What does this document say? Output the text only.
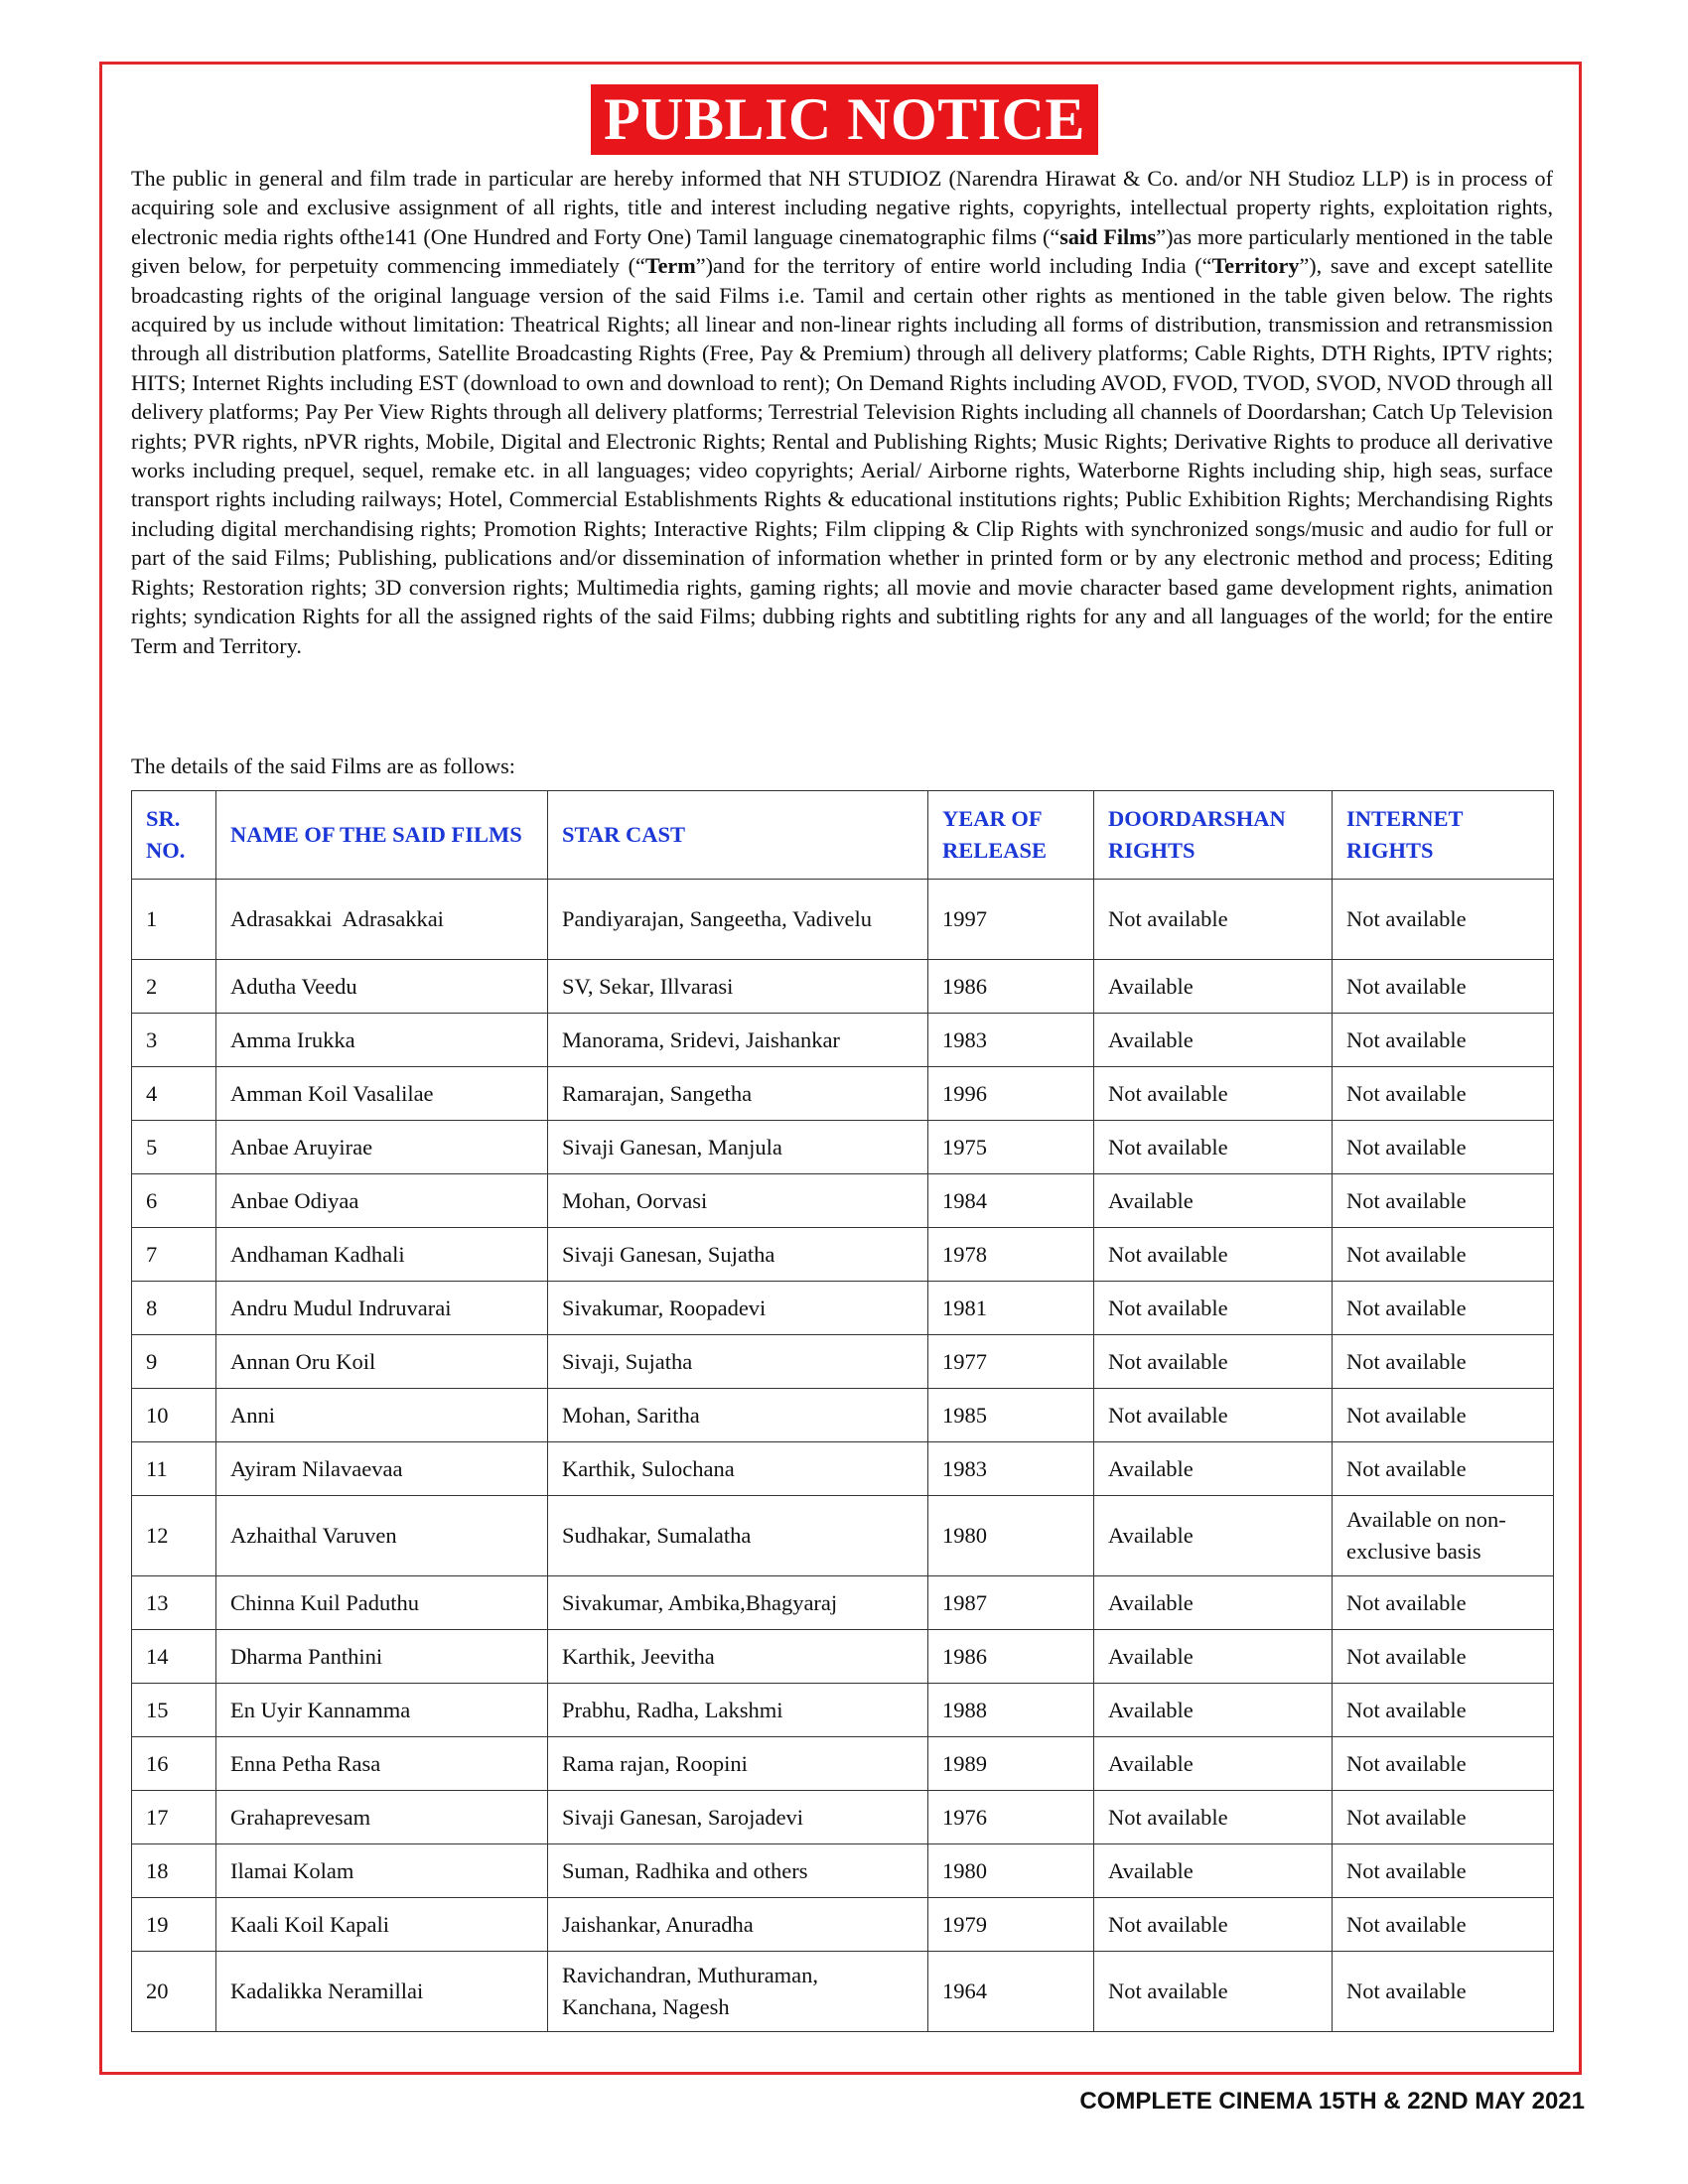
PUBLIC NOTICE
The public in general and film trade in particular are hereby informed that NH STUDIOZ (Narendra Hirawat & Co. and/or NH Studioz LLP) is in process of acquiring sole and exclusive assignment of all rights, title and interest including negative rights, copyrights, intellectual property rights, exploitation rights, electronic media rights ofthe141 (One Hundred and Forty One) Tamil language cinematographic films (“said Films”)as more particularly mentioned in the table given below, for perpetuity commencing immediately (“Term”)and for the territory of entire world including India (“Territory”), save and except satellite broadcasting rights of the original language version of the said Films i.e. Tamil and certain other rights as mentioned in the table given below. The rights acquired by us include without limitation: Theatrical Rights; all linear and non-linear rights including all forms of distribution, transmission and retransmission through all distribution platforms, Satellite Broadcasting Rights (Free, Pay & Premium) through all delivery platforms; Cable Rights, DTH Rights, IPTV rights; HITS; Internet Rights including EST (download to own and download to rent); On Demand Rights including AVOD, FVOD, TVOD, SVOD, NVOD through all delivery platforms; Pay Per View Rights through all delivery platforms; Terrestrial Television Rights including all channels of Doordarshan; Catch Up Television rights; PVR rights, nPVR rights, Mobile, Digital and Electronic Rights; Rental and Publishing Rights; Music Rights; Derivative Rights to produce all derivative works including prequel, sequel, remake etc. in all languages; video copyrights; Aerial/ Airborne rights, Waterborne Rights including ship, high seas, surface transport rights including railways; Hotel, Commercial Establishments Rights & educational institutions rights; Public Exhibition Rights; Merchandising Rights including digital merchandising rights; Promotion Rights; Interactive Rights; Film clipping & Clip Rights with synchronized songs/music and audio for full or part of the said Films; Publishing, publications and/or dissemination of information whether in printed form or by any electronic method and process; Editing Rights; Restoration rights; 3D conversion rights; Multimedia rights, gaming rights; all movie and movie character based game development rights, animation rights; syndication Rights for all the assigned rights of the said Films; dubbing rights and subtitling rights for any and all languages of the world; for the entire Term and Territory.
The details of the said Films are as follows:
SR. NO.	NAME OF THE SAID FILMS	STAR CAST	YEAR OF RELEASE	DOORDARSHAN RIGHTS	INTERNET RIGHTS
1	Adrasakkai  Adrasakkai	Pandiyarajan, Sangeetha, Vadivelu	1997	Not available	Not available
2	Adutha Veedu	SV, Sekar, Illvarasi	1986	Available	Not available
3	Amma Irukka	Manorama, Sridevi, Jaishankar	1983	Available	Not available
4	Amman Koil Vasalilae	Ramarajan, Sangetha	1996	Not available	Not available
5	Anbae Aruyirae	Sivaji Ganesan, Manjula	1975	Not available	Not available
6	Anbae Odiyaa	Mohan, Oorvasi	1984	Available	Not available
7	Andhaman Kadhali	Sivaji Ganesan, Sujatha	1978	Not available	Not available
8	Andru Mudul Indruvarai	Sivakumar, Roopadevi	1981	Not available	Not available
9	Annan Oru Koil	Sivaji, Sujatha	1977	Not available	Not available
10	Anni	Mohan, Saritha	1985	Not available	Not available
11	Ayiram Nilavaevaa	Karthik, Sulochana	1983	Available	Not available
12	Azhaithal Varuven	Sudhakar, Sumalatha	1980	Available	Available on non-exclusive basis
13	Chinna Kuil Paduthu	Sivakumar, Ambika,Bhagyaraj	1987	Available	Not available
14	Dharma Panthini	Karthik, Jeevitha	1986	Available	Not available
15	En Uyir Kannamma	Prabhu, Radha, Lakshmi	1988	Available	Not available
16	Enna Petha Rasa	Rama rajan, Roopini	1989	Available	Not available
17	Grahaprevesam	Sivaji Ganesan, Sarojadevi	1976	Not available	Not available
18	Ilamai Kolam	Suman, Radhika and others	1980	Available	Not available
19	Kaali Koil Kapali	Jaishankar, Anuradha	1979	Not available	Not available
20	Kadalikka Neramillai	Ravichandran, Muthuraman, Kanchana, Nagesh	1964	Not available	Not available
COMPLETE CINEMA 15TH & 22ND MAY 2021
